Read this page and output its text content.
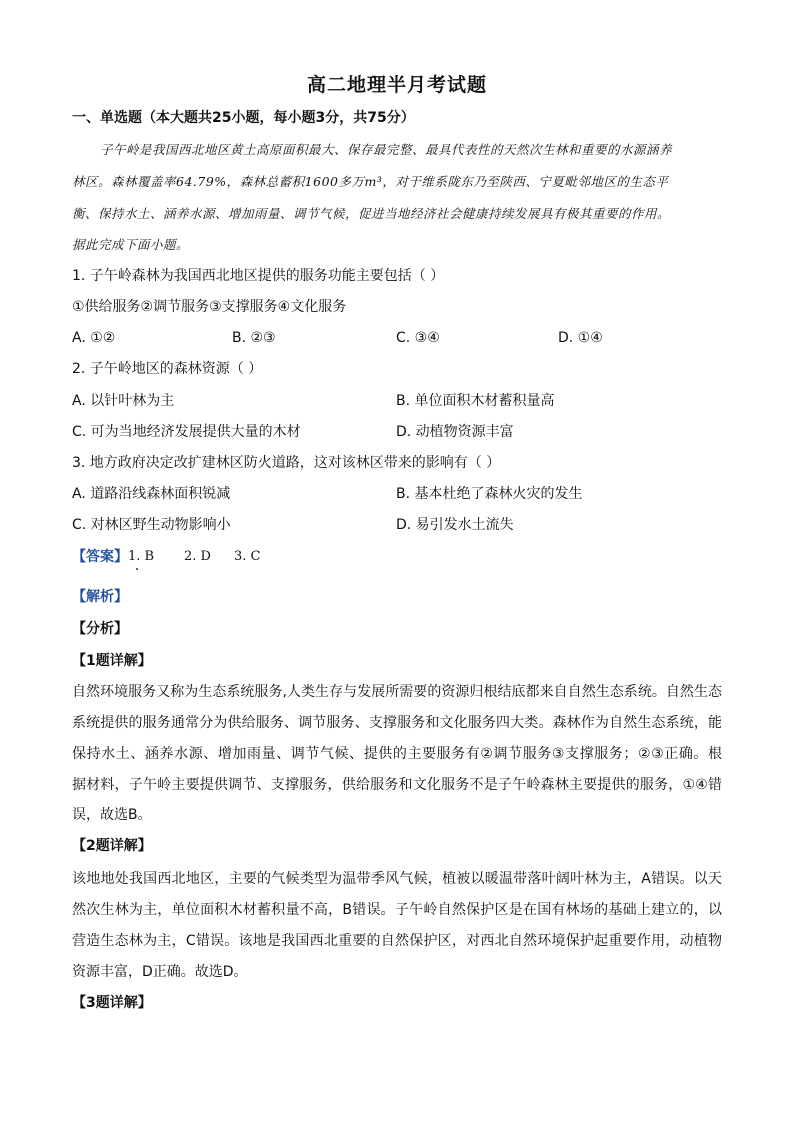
高二地理半月考试题
一、单选题（本大题共25小题，每小题3分，共75分）
子午岭是我国西北地区黄土高原面积最大、保存最完整、最具代表性的天然次生林和重要的水源涵养
林区。森林覆盖率64.79%，森林总蓄积1600多万m³，对于维系陇东乃至陕西、宁夏毗邻地区的生态平
衡、保持水土、涵养水源、增加雨量、调节气候，促进当地经济社会健康持续发展具有极其重要的作用。
据此完成下面小题。
1. 子午岭森林为我国西北地区提供的服务功能主要包括（ ）
①供给服务②调节服务③支撑服务④文化服务
A. ①②	B. ②③	C. ③④	D. ①④
2. 子午岭地区的森林资源（ ）
A. 以针叶林为主	B. 单位面积木材蓄积量高
C. 可为当地经济发展提供大量的木材	D. 动植物资源丰富
3. 地方政府决定改扩建林区防火道路，这对该林区带来的影响有（ ）
A. 道路沿线森林面积锐减	B. 基本杜绝了森林火灾的发生
C. 对林区野生动物影响小	D. 易引发水土流失
【答案】 1. B 2. D 3. C
【解析】
【分析】
【1题详解】
自然环境服务又称为生态系统服务,人类生存与发展所需要的资源归根结底都来自自然生态系统。自然生态
系统提供的服务通常分为供给服务、调节服务、支撑服务和文化服务四大类。森林作为自然生态系统，能
保持水土、涵养水源、增加雨量、调节气候、提供的主要服务有②调节服务③支撑服务；②③正确。根
据材料，子午岭主要提供调节、支撑服务，供给服务和文化服务不是子午岭森林主要提供的服务，①④错
误，故选B。
【2题详解】
该地地处我国西北地区，主要的气候类型为温带季风气候，植被以暖温带落叶阔叶林为主，A错误。以天
然次生林为主，单位面积木材蓄积量不高，B错误。子午岭自然保护区是在国有林场的基础上建立的，以
营造生态林为主，C错误。该地是我国西北重要的自然保护区，对西北自然环境保护起重要作用，动植物
资源丰富，D正确。故选D。
【3题详解】
